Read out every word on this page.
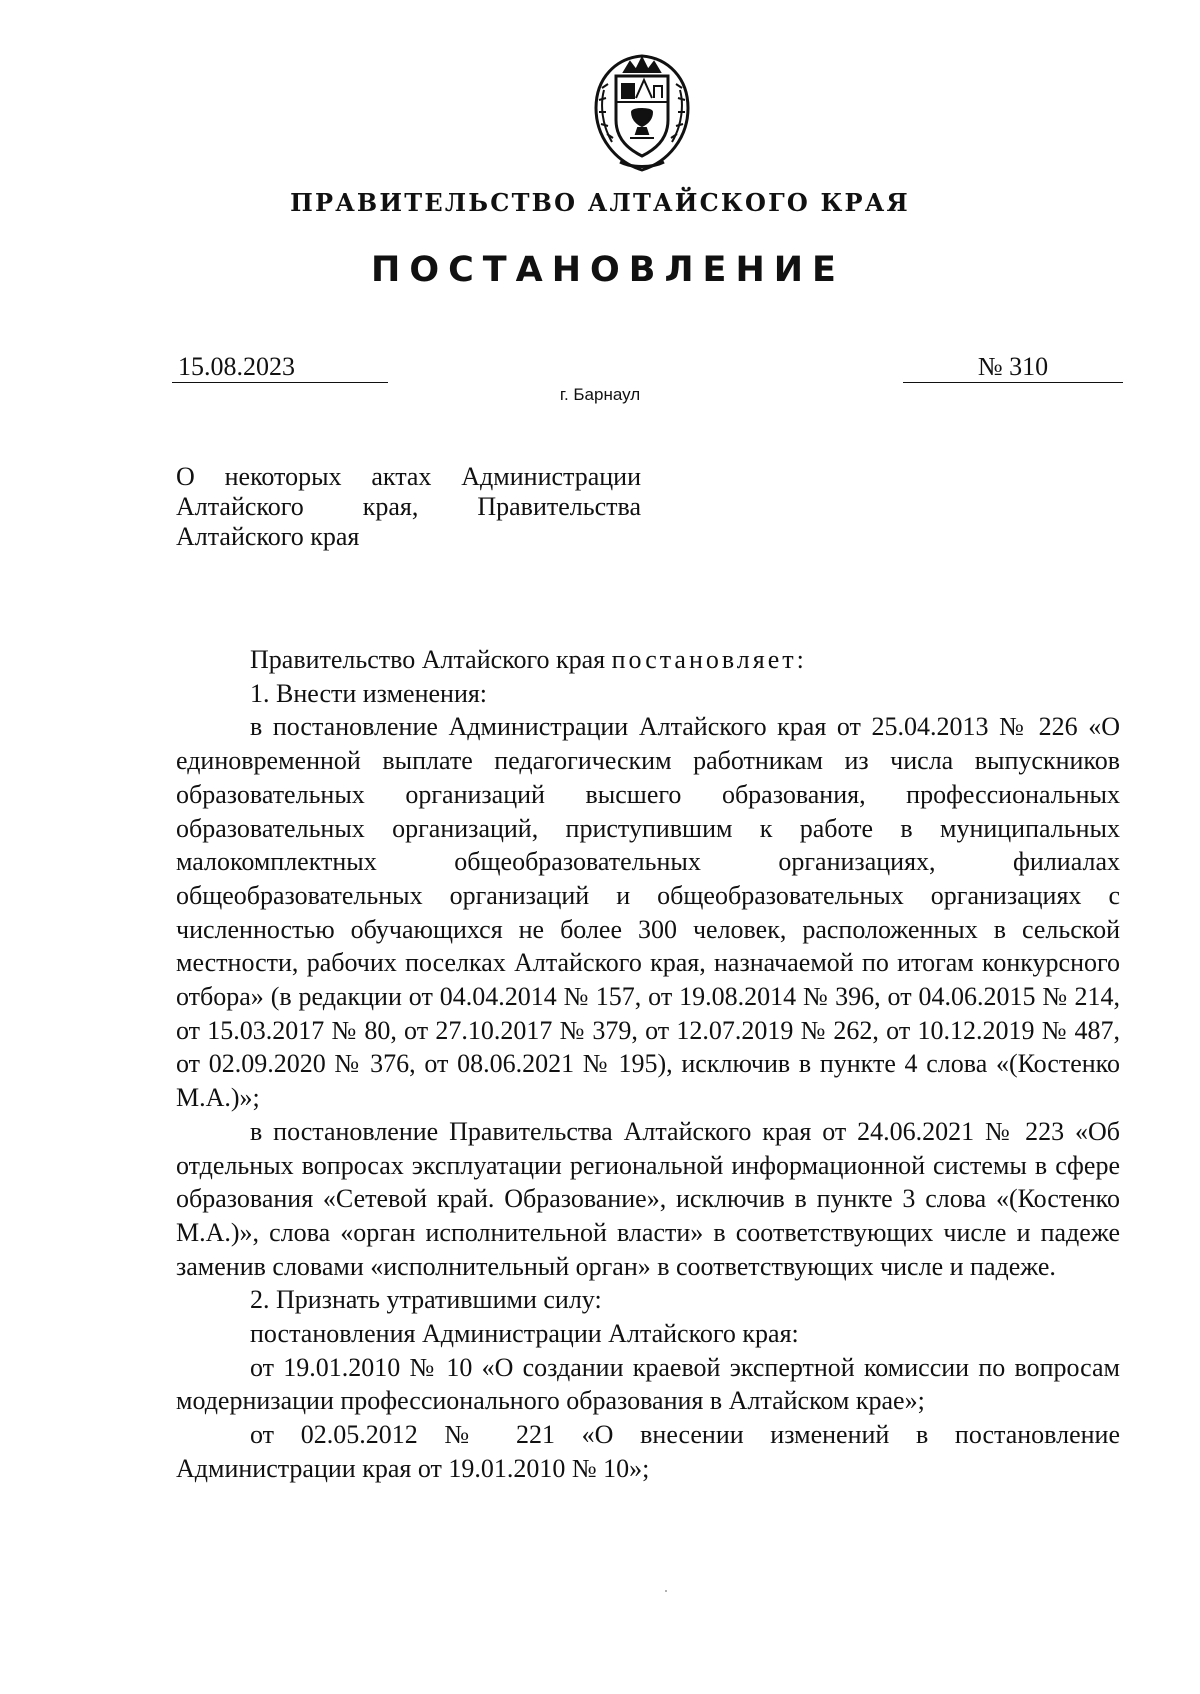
ПРАВИТЕЛЬСТВО АЛТАЙСКОГО КРАЯ
ПОСТАНОВЛЕНИЕ
15.08.2023	№ 310
г. Барнаул
О некоторых актах Администрации
Алтайского края, Правительства
Алтайского края

Правительство Алтайского края постановляет:

1. Внести изменения:

в постановление Администрации Алтайского края от 25.04.2013 № 226 «О единовременной выплате педагогическим работникам из числа выпускников образовательных организаций высшего образования, профессиональных образовательных организаций, приступившим к работе в муниципальных малокомплектных общеобразовательных организациях, филиалах общеобразовательных организаций и общеобразовательных организациях с численностью обучающихся не более 300 человек, расположенных в сельской местности, рабочих поселках Алтайского края, назначаемой по итогам конкурсного отбора» (в редакции от 04.04.2014 № 157, от 19.08.2014 № 396, от 04.06.2015 № 214, от 15.03.2017 № 80, от 27.10.2017 № 379, от 12.07.2019 № 262, от 10.12.2019 № 487, от 02.09.2020 № 376, от 08.06.2021 № 195), исключив в пункте 4 слова «(Костенко М.А.)»;

в постановление Правительства Алтайского края от 24.06.2021 № 223 «Об отдельных вопросах эксплуатации региональной информационной системы в сфере образования «Сетевой край. Образование», исключив в пункте 3 слова «(Костенко М.А.)», слова «орган исполнительной власти» в соответствующих числе и падеже заменив словами «исполнительный орган» в соответствующих числе и падеже.

2. Признать утратившими силу:

постановления Администрации Алтайского края:

от 19.01.2010 № 10 «О создании краевой экспертной комиссии по вопросам модернизации профессионального образования в Алтайском крае»;

от 02.05.2012 № 221 «О внесении изменений в постановление Администрации края от 19.01.2010 № 10»;
